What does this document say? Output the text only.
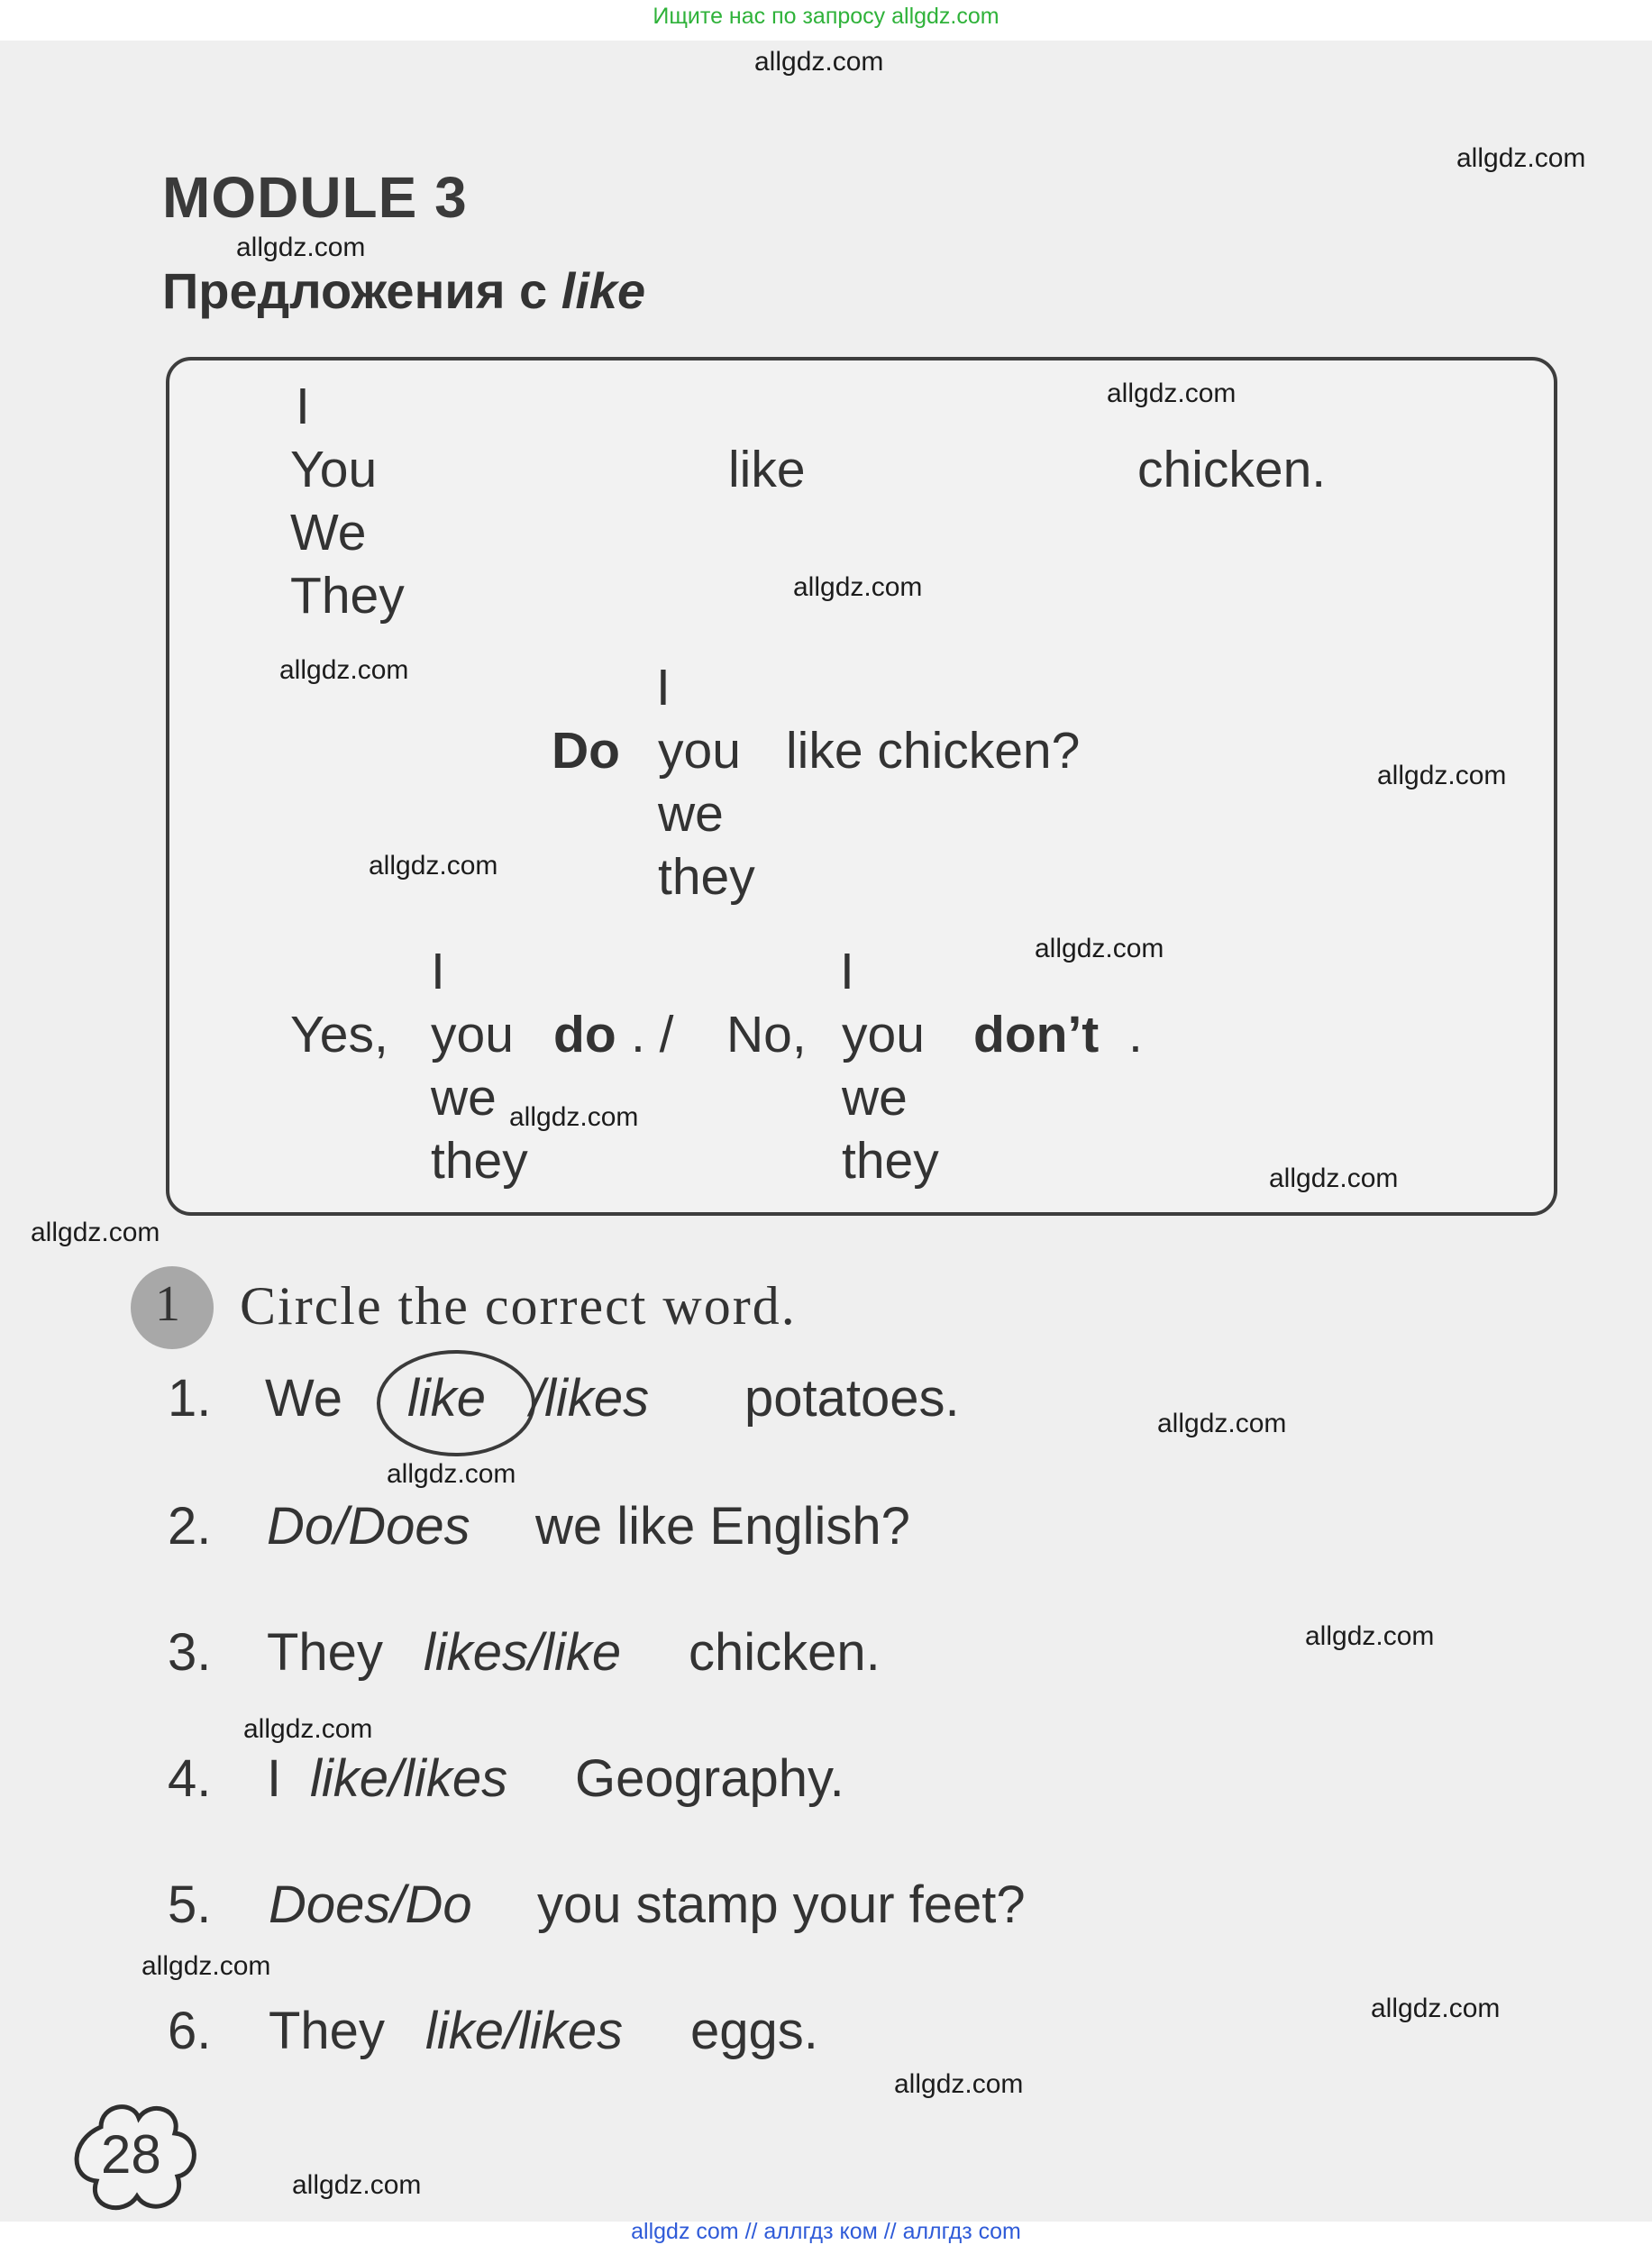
Ищите нас по запросу allgdz.com
MODULE 3
Предложения с like
I
You
We
They
like	chicken.
Do
I
you
we
they
like chicken?
Yes,
I
you
we
they
do . / No,
I
you
we
they
don’t .
1 Circle the correct word.
1. We like /likes potatoes.
2. Do/Does we like English?
3. They likes/like chicken.
4. I like/likes Geography.
5. Does/Do you stamp your feet?
6. They like/likes eggs.
28
allgdz.com
allgdz.com
allgdz.com
allgdz.com
allgdz.com
allgdz.com
allgdz.com
allgdz.com
allgdz.com
allgdz.com
allgdz.com
allgdz.com
allgdz.com
allgdz.com
allgdz.com
allgdz.com
allgdz.com
allgdz.com
allgdz.com
allgdz.com
allgdz com // аллгдз ком // аллгдз com
